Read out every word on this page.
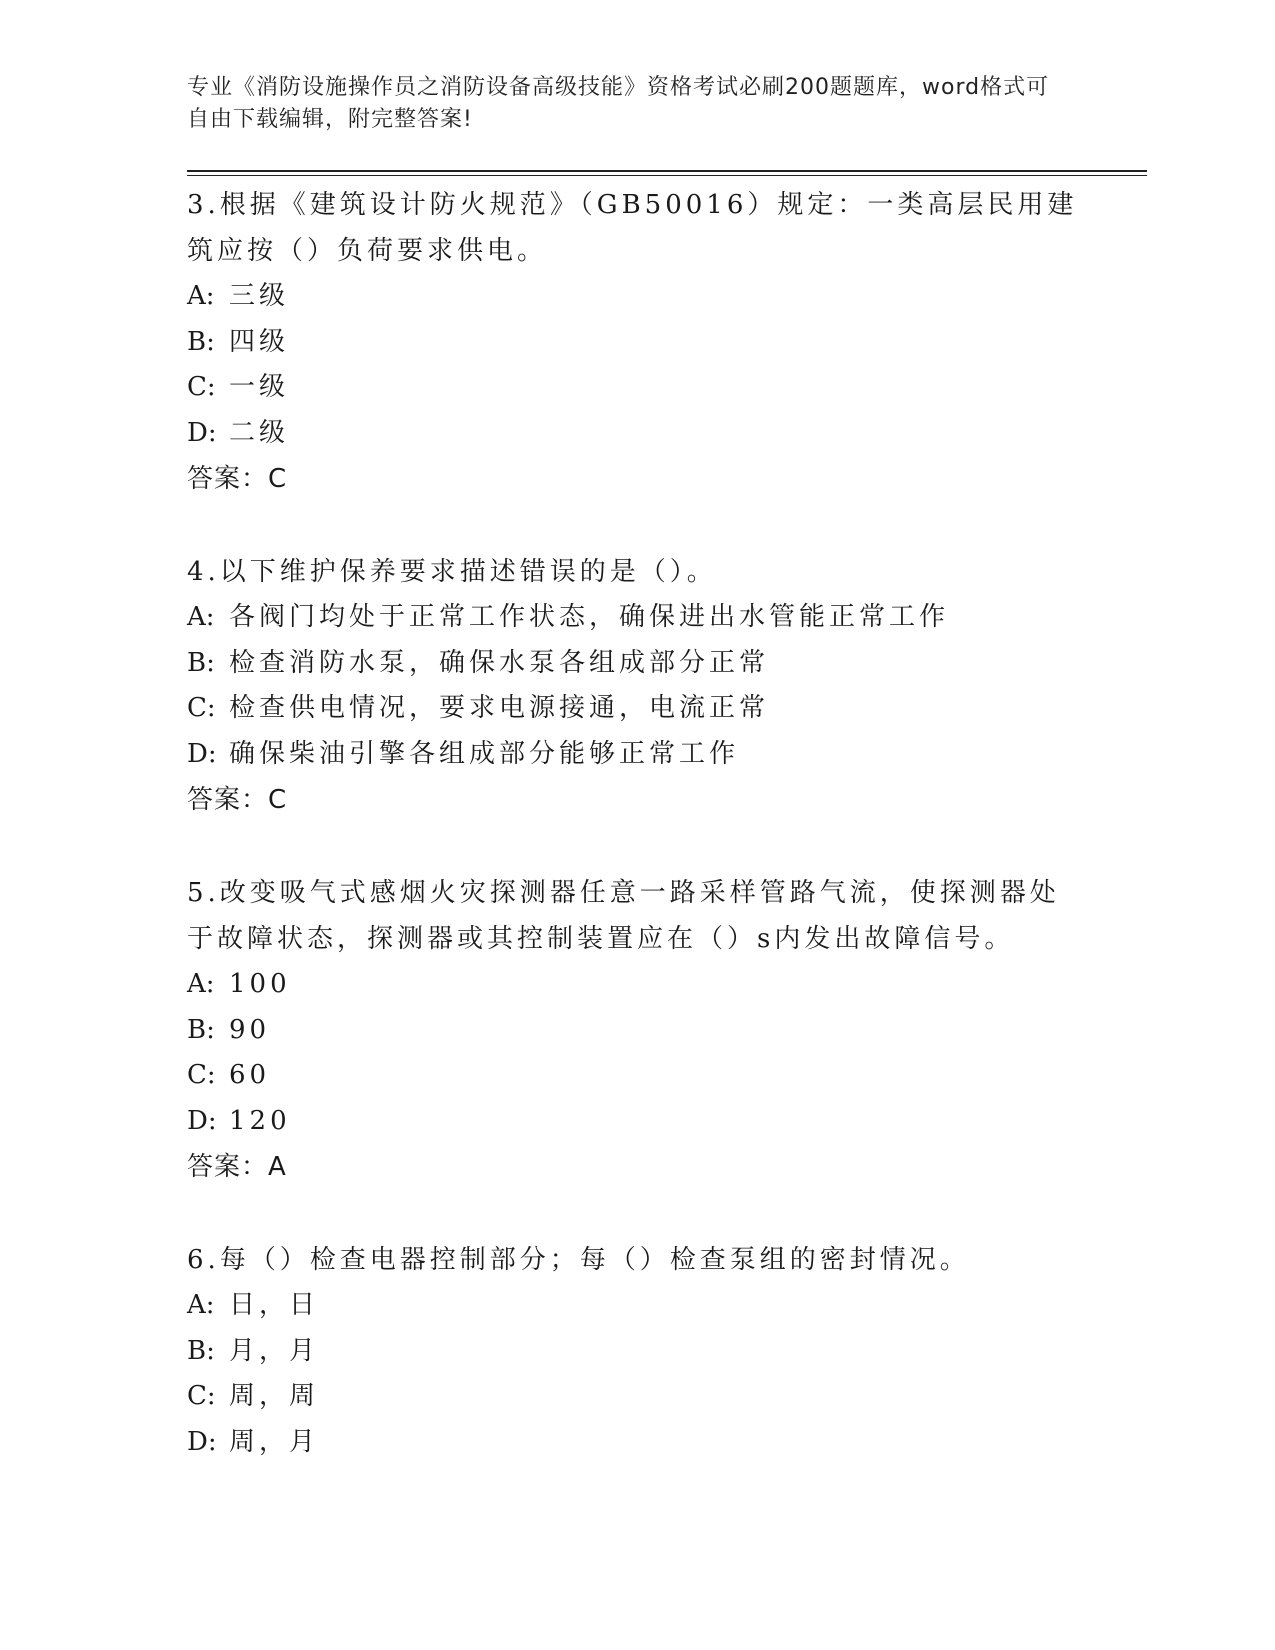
专业《消防设施操作员之消防设备高级技能》资格考试必刷200题题库，word格式可自由下载编辑，附完整答案!

3.根据《建筑设计防火规范》（GB50016）规定：一类高层民用建筑应按（）负荷要求供电。

A: 三级
B: 四级
C: 一级
D: 二级

答案：C

4.以下维护保养要求描述错误的是（）。

A: 各阀门均处于正常工作状态，确保进出水管能正常工作
B: 检查消防水泵，确保水泵各组成部分正常
C: 检查供电情况，要求电源接通，电流正常
D: 确保柴油引擎各组成部分能够正常工作

答案：C

5.改变吸气式感烟火灾探测器任意一路采样管路气流，使探测器处于故障状态，探测器或其控制装置应在（）s内发出故障信号。

A: 100
B: 90
C: 60
D: 120

答案：A

6.每（）检查电器控制部分；每（）检查泵组的密封情况。

A: 日，日
B: 月，月
C: 周，周
D: 周，月
